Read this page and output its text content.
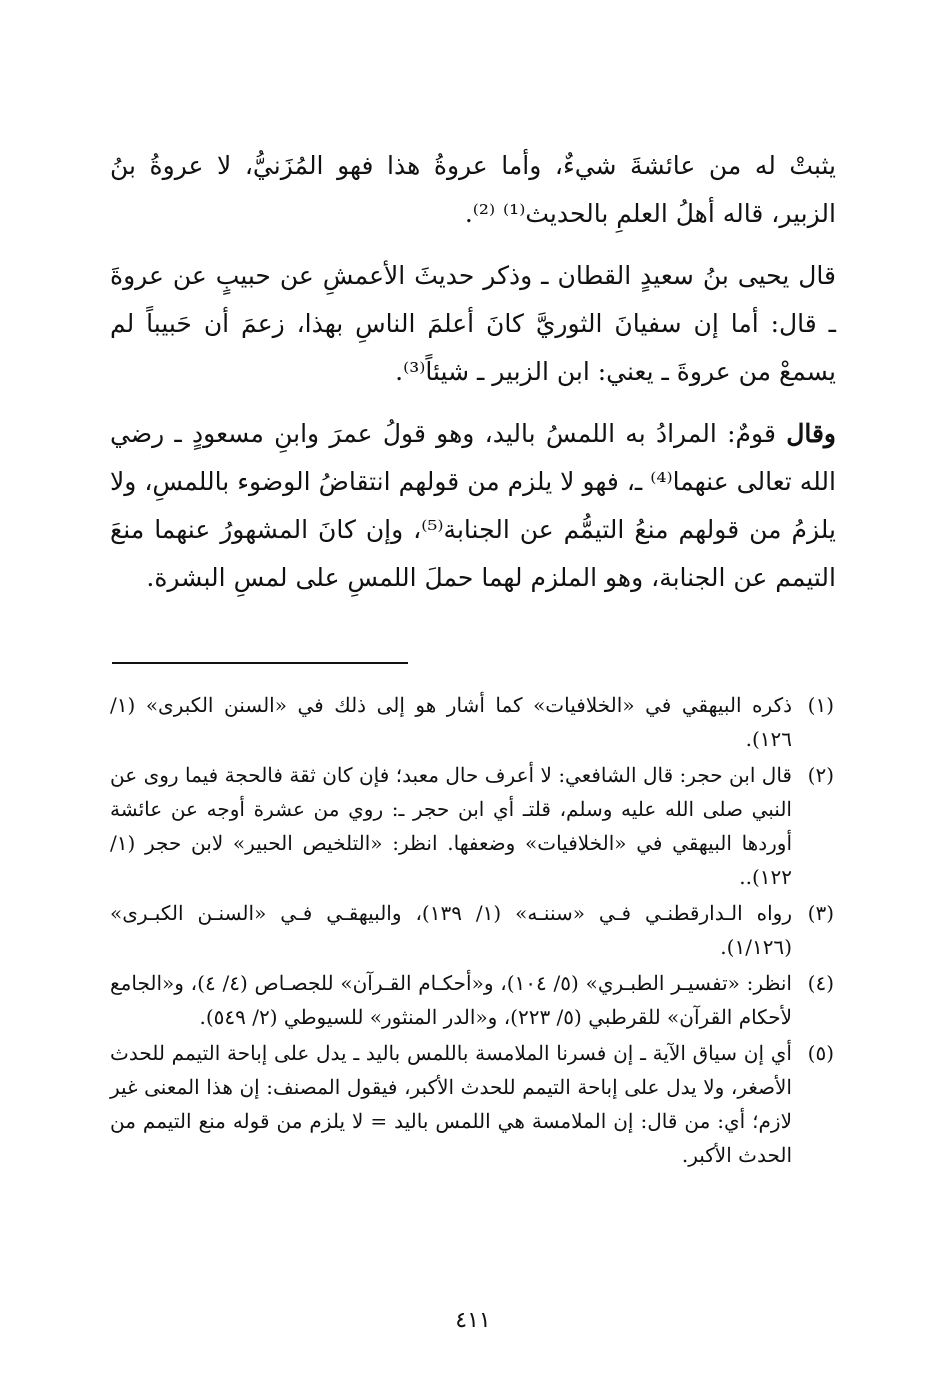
يثبتْ له من عائشةَ شيءٌ، وأما عروةُ هذا فهو المُزَنيُّ، لا عروةُ بنُ الزبير، قاله أهلُ العلمِ بالحديث⁽¹⁾ ⁽²⁾.

قال يحيى بنُ سعيدٍ القطان ـ وذكر حديثَ الأعمشِ عن حبيبٍ عن عروةَ ـ قال: أما إن سفيانَ الثوريَّ كانَ أعلمَ الناسِ بهذا، زعمَ أن حَبيباً لم يسمعْ من عروةَ ـ يعني: ابن الزبير ـ شيئاً⁽³⁾.

وقال قومٌ: المرادُ به اللمسُ باليد، وهو قولُ عمرَ وابنِ مسعودٍ ـ رضي الله تعالى عنهما⁽⁴⁾ ـ، فهو لا يلزم من قولهم انتقاضُ الوضوء باللمسِ، ولا يلزمُ من قولهم منعُ التيمُّم عن الجنابة⁽⁵⁾، وإن كانَ المشهورُ عنهما منعَ التيمم عن الجنابة، وهو الملزم لهما حملَ اللمسِ على لمسِ البشرة.

(١)
ذكره البيهقي في «الخلافيات» كما أشار هو إلى ذلك في «السنن الكبرى» (١/ ١٢٦).
(٢)
قال ابن حجر: قال الشافعي: لا أعرف حال معبد؛ فإن كان ثقة فالحجة فيما روى عن النبي صلى الله عليه وسلم، قلتـ أي ابن حجر ـ: روي من عشرة أوجه عن عائشة أوردها البيهقي في «الخلافيات» وضعفها. انظر: «التلخيص الحبير» لابن حجر (١/ ١٢٢)..
(٣)
رواه الـدارقطنـي فـي «سننـه» (١/ ١٣٩)، والبيهقـي فـي «السنـن الكبـرى» (١/١٢٦).
(٤)
انظر: «تفسيـر الطبـري» (٥/ ١٠٤)، و«أحكـام القـرآن» للجصـاص (٤/ ٤)، و«الجامع لأحكام القرآن» للقرطبي (٥/ ٢٢٣)، و«الدر المنثور» للسيوطي (٢/ ٥٤٩).
(٥)
أي إن سياق الآية ـ إن فسرنا الملامسة باللمس باليد ـ يدل على إباحة التيمم للحدث الأصغر، ولا يدل على إباحة التيمم للحدث الأكبر، فيقول المصنف: إن هذا المعنى غير لازم؛ أي: من قال: إن الملامسة هي اللمس باليد = لا يلزم من قوله منع التيمم من الحدث الأكبر.
٤١١
